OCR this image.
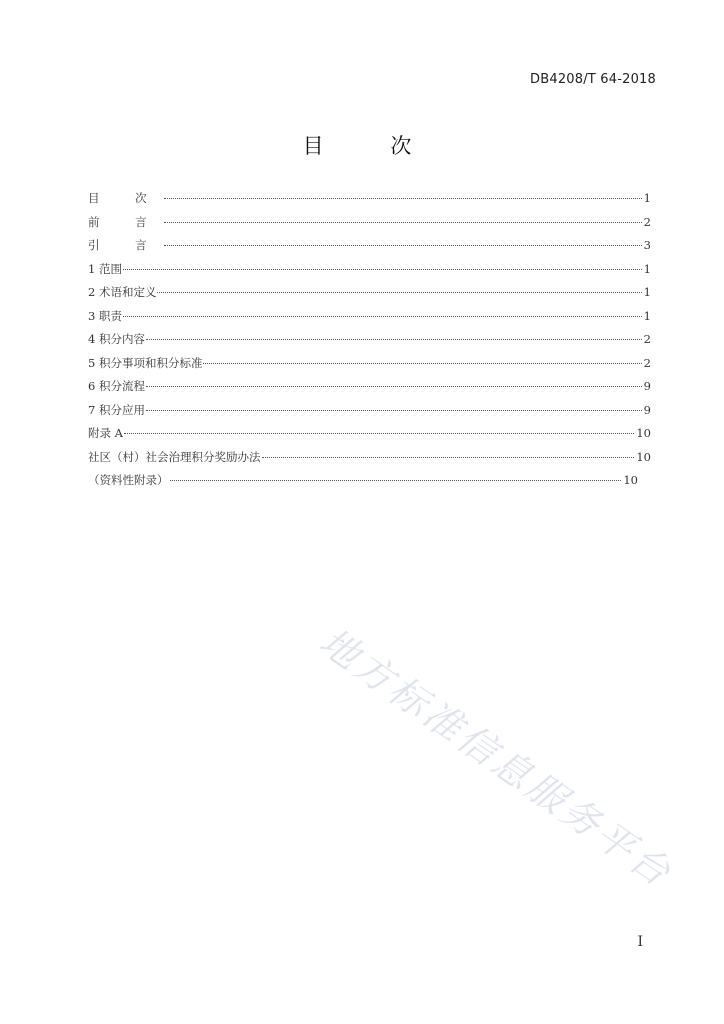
DB4208/T 64-2018
目 次
目 次	1
前 言	2
引 言	3
1 范围	1
2 术语和定义	1
3 职责	1
4 积分内容	2
5 积分事项和积分标准	2
6 积分流程	9
7 积分应用	9
附录 A	10
社区（村）社会治理积分奖励办法	10
（资料性附录）	10
地方标准信息服务平台
I
